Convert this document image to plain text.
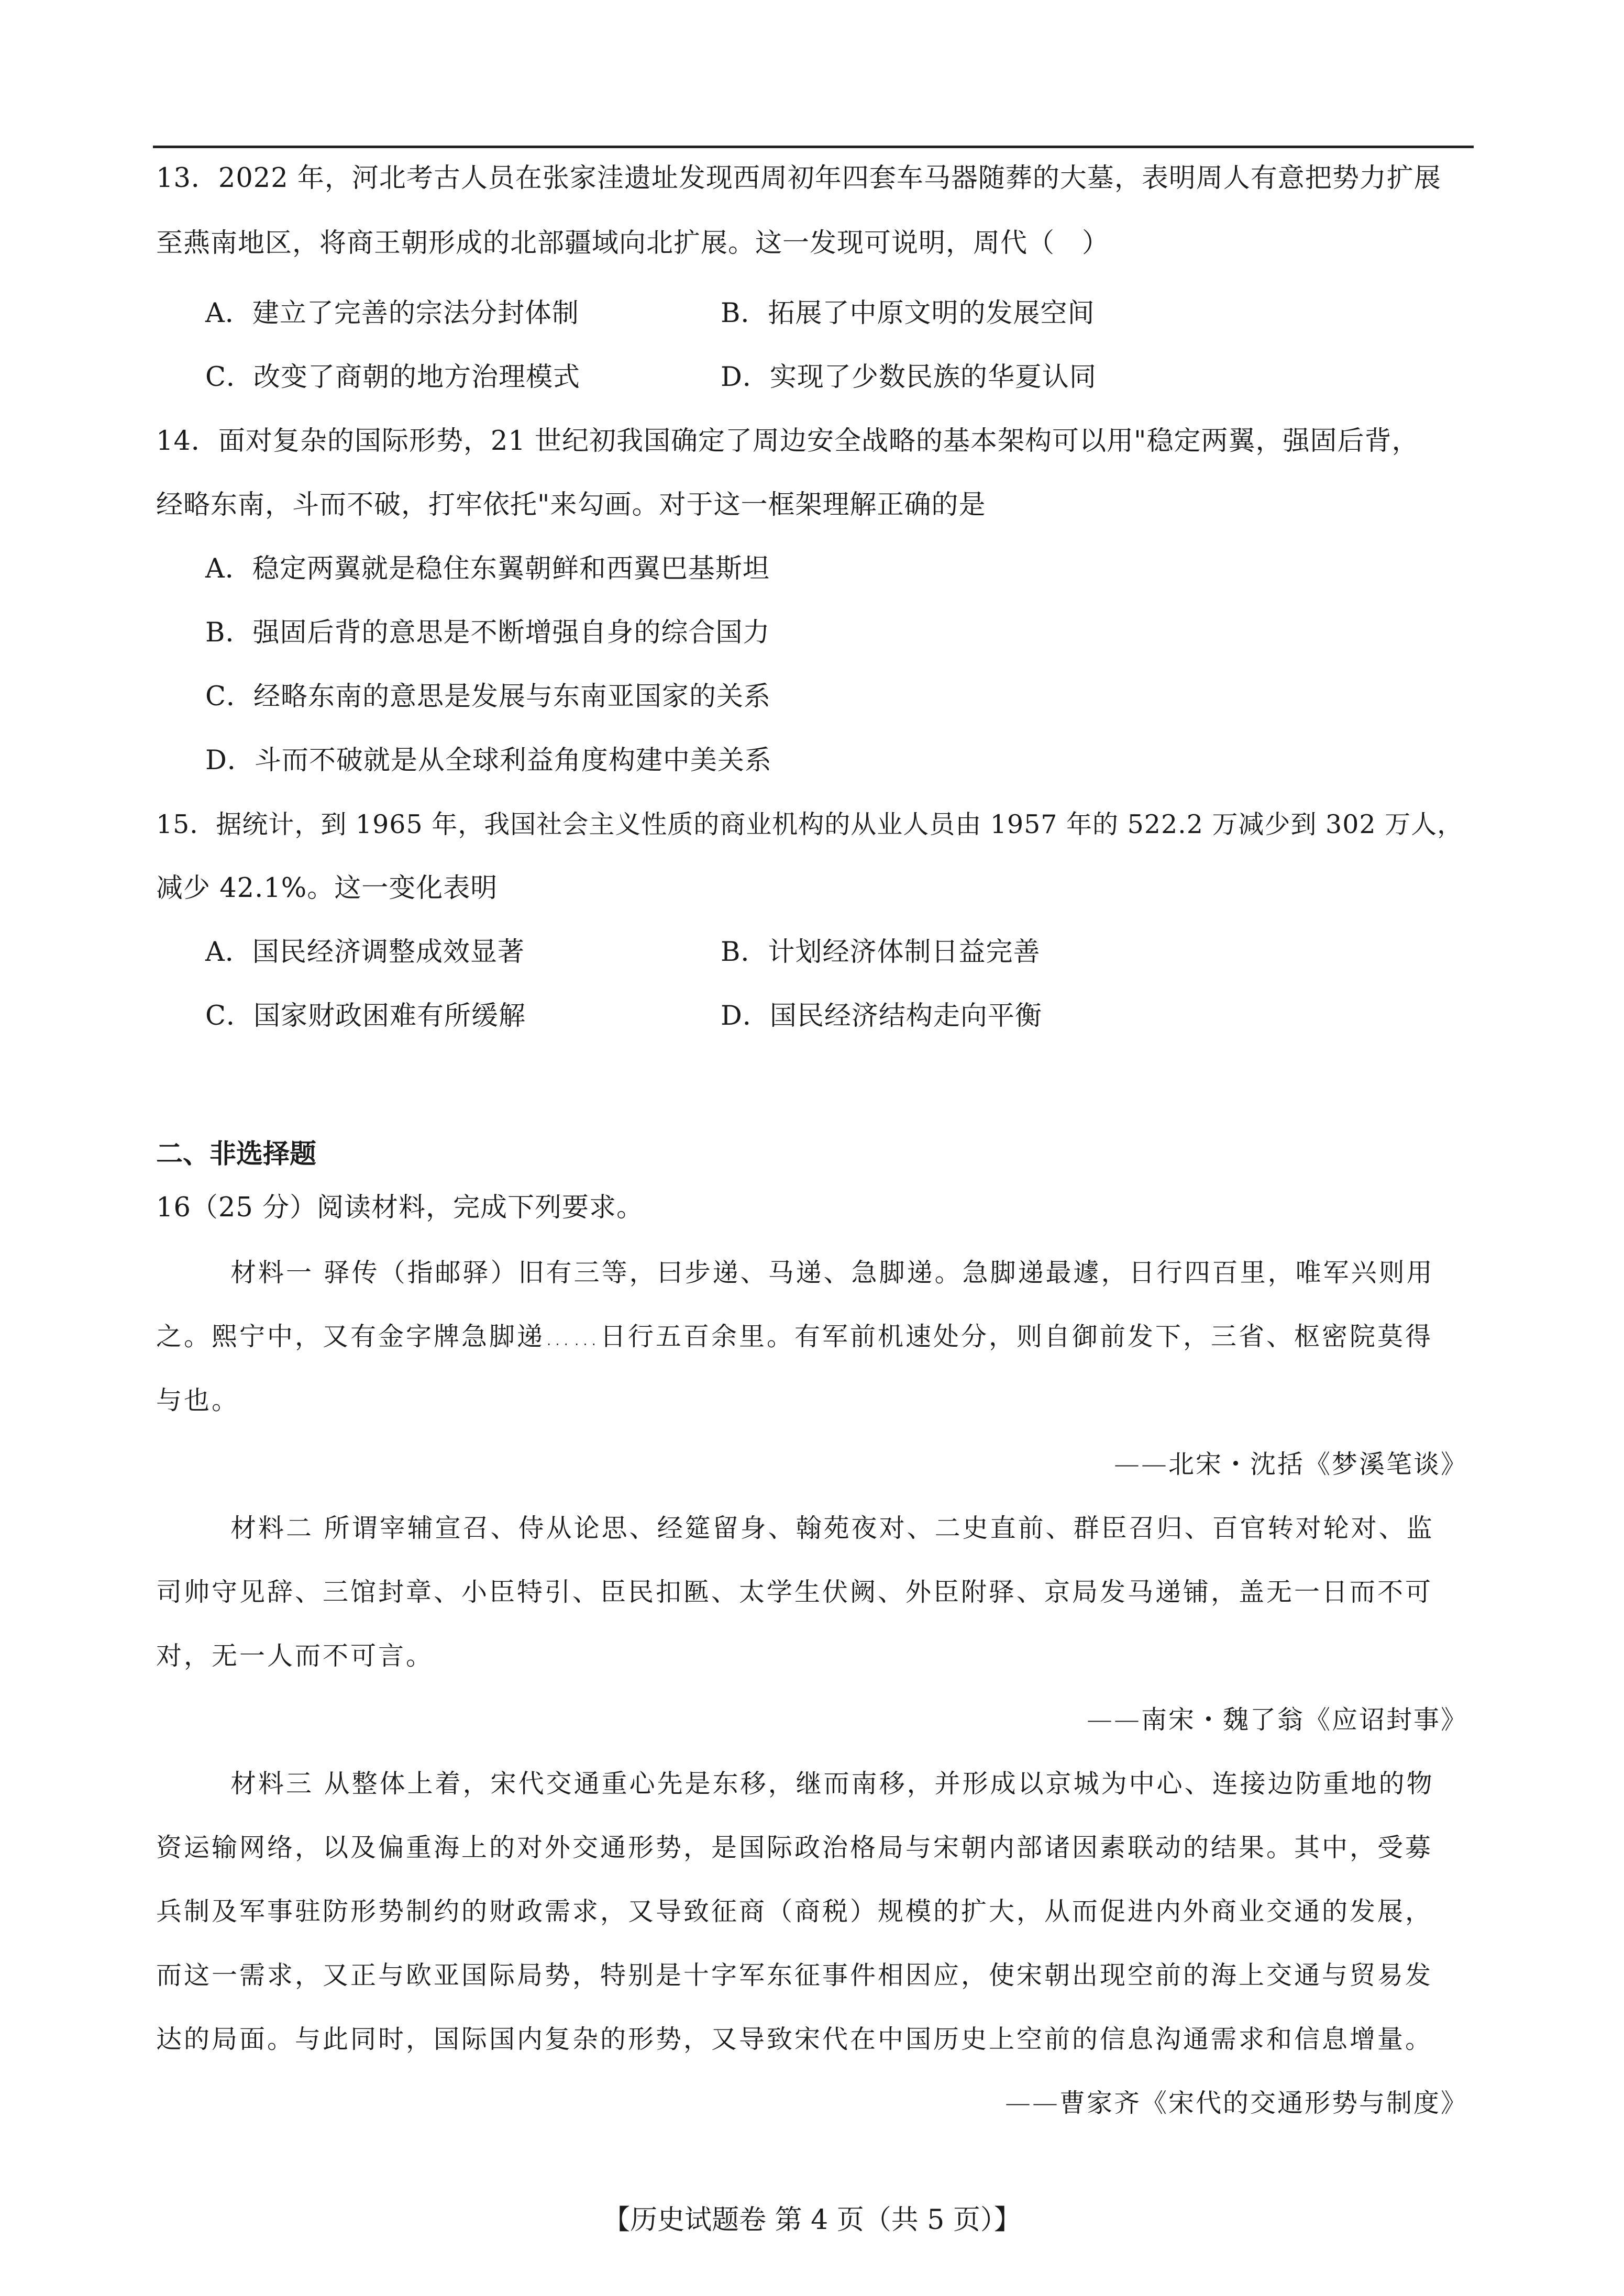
13．2022 年，河北考古人员在张家洼遗址发现西周初年四套车马器随葬的大墓，表明周人有意把势力扩展
至燕南地区，将商王朝形成的北部疆域向北扩展。这一发现可说明，周代（　）
A．建立了完善的宗法分封体制	B．拓展了中原文明的发展空间
C．改变了商朝的地方治理模式	D．实现了少数民族的华夏认同
14．面对复杂的国际形势，21 世纪初我国确定了周边安全战略的基本架构可以用"稳定两翼，强固后背，
经略东南，斗而不破，打牢依托"来勾画。对于这一框架理解正确的是
A．稳定两翼就是稳住东翼朝鲜和西翼巴基斯坦
B．强固后背的意思是不断增强自身的综合国力
C．经略东南的意思是发展与东南亚国家的关系
D．斗而不破就是从全球利益角度构建中美关系
15．据统计，到 1965 年，我国社会主义性质的商业机构的从业人员由 1957 年的 522.2 万减少到 302 万人，
减少 42.1%。这一变化表明
A．国民经济调整成效显著	B．计划经济体制日益完善
C．国家财政困难有所缓解	D．国民经济结构走向平衡
二、非选择题
16（25 分）阅读材料，完成下列要求。
材料一 驿传（指邮驿）旧有三等，曰步递、马递、急脚递。急脚递最遽，日行四百里，唯军兴则用
之。熙宁中，又有金字牌急脚递……日行五百余里。有军前机速处分，则自御前发下，三省、枢密院莫得
与也。
——北宋・沈括《梦溪笔谈》
材料二 所谓宰辅宣召、侍从论思、经筵留身、翰苑夜对、二史直前、群臣召归、百官转对轮对、监
司帅守见辞、三馆封章、小臣特引、臣民扣匦、太学生伏阙、外臣附驿、京局发马递铺，盖无一日而不可
对，无一人而不可言。
——南宋・魏了翁《应诏封事》
材料三 从整体上着，宋代交通重心先是东移，继而南移，并形成以京城为中心、连接边防重地的物
资运输网络，以及偏重海上的对外交通形势，是国际政治格局与宋朝内部诸因素联动的结果。其中，受募
兵制及军事驻防形势制约的财政需求，又导致征商（商税）规模的扩大，从而促进内外商业交通的发展，
而这一需求，又正与欧亚国际局势，特别是十字军东征事件相因应，使宋朝出现空前的海上交通与贸易发
达的局面。与此同时，国际国内复杂的形势，又导致宋代在中国历史上空前的信息沟通需求和信息增量。
——曹家齐《宋代的交通形势与制度》
【历史试题卷 第 4 页（共 5 页）】
